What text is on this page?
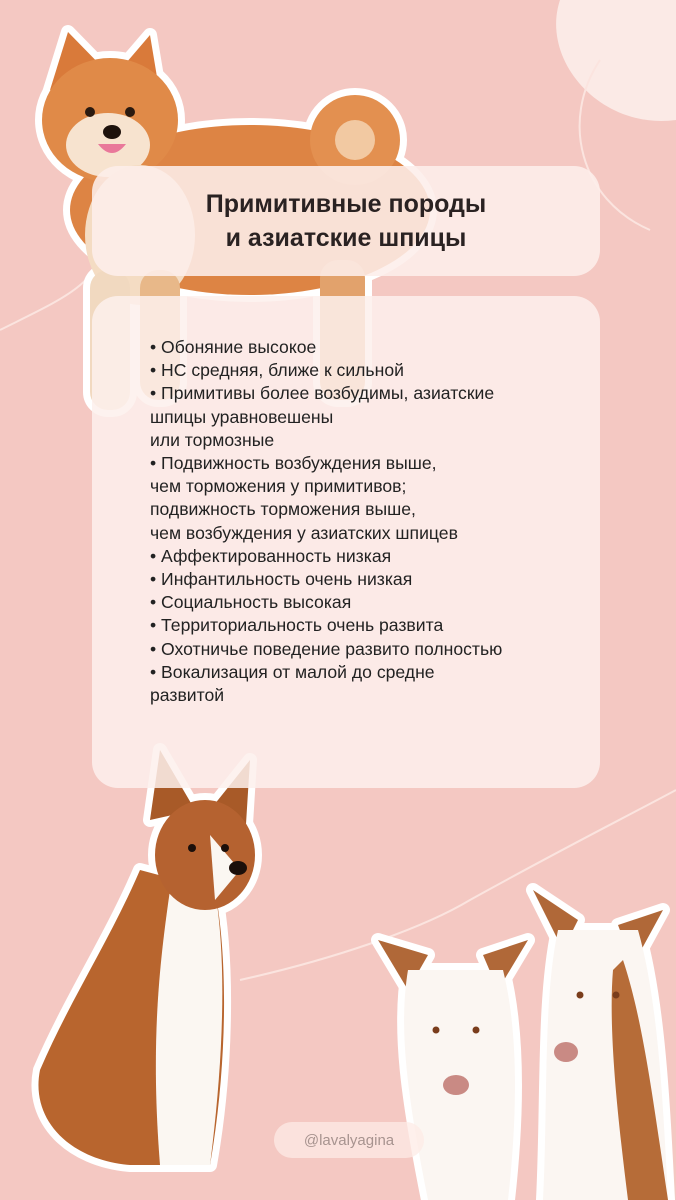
Примитивные породы
и азиатские шпицы
• Обоняние высокое
• НС средняя, ближе к сильной
• Примитивы более возбудимы, азиатские
шпицы уравновешены
или тормозные
• Подвижность возбуждения выше,
чем торможения у примитивов;
подвижность торможения выше,
чем возбуждения у азиатских шпицев
• Аффектированность низкая
• Инфантильность очень низкая
• Социальность высокая
• Территориальность очень развита
• Охотничье поведение развито полностью
• Вокализация от малой до средне
развитой
@lavalyagina
